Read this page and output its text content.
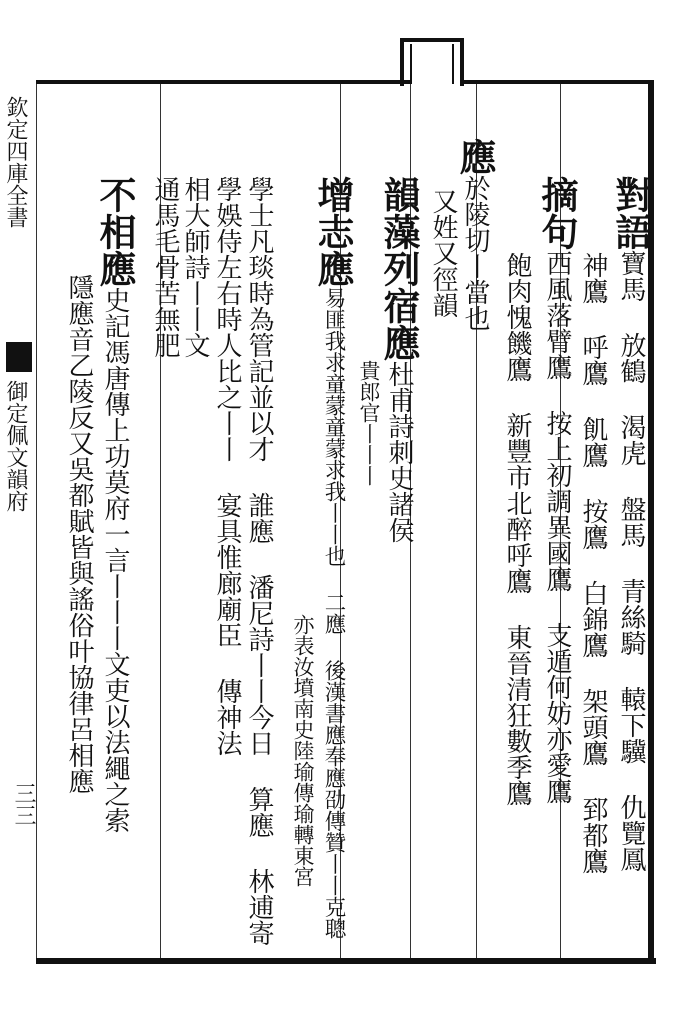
欽定四庫全書
御定佩文韻府
三三

對語寶馬 放鶴 渴虎 盤馬 青絲騎 轅下驥 仇覽鳳

神鷹 呼鷹 飢鷹 按鷹 白錦鷹 架頭鷹 郅都鷹

摘句西風落臂鷹 按上初調異國鷹 支遁何妨亦愛鷹

飽肉愧饑鷹 新豐市北醉呼鷹 東晉清狂數季鷹

應於陵切丨當也

又姓又徑韻

韻藻列宿應杜甫詩刺史諸侯

貴郎官丨丨丨

增志應易匪我求童蒙童蒙求我丨丨也 二應 後漢書應奉應劭傳贊丨丨克聰

亦表汝墳南史陸瑜傳瑜轉東宮

學士凡琰時為管記並以才 誰應 潘尼詩丨丨今日 算應 林逋寄

學娛侍左右時人比之丨丨 宴具惟廊廟臣 傳神法

相大師詩丨丨文

通馬毛骨苦無肥

不相應史記馮唐傳上功莫府一言丨丨丨文吏以法繩之索

隱應音乙陵反又吳都賦皆與謠俗叶協律呂相應
